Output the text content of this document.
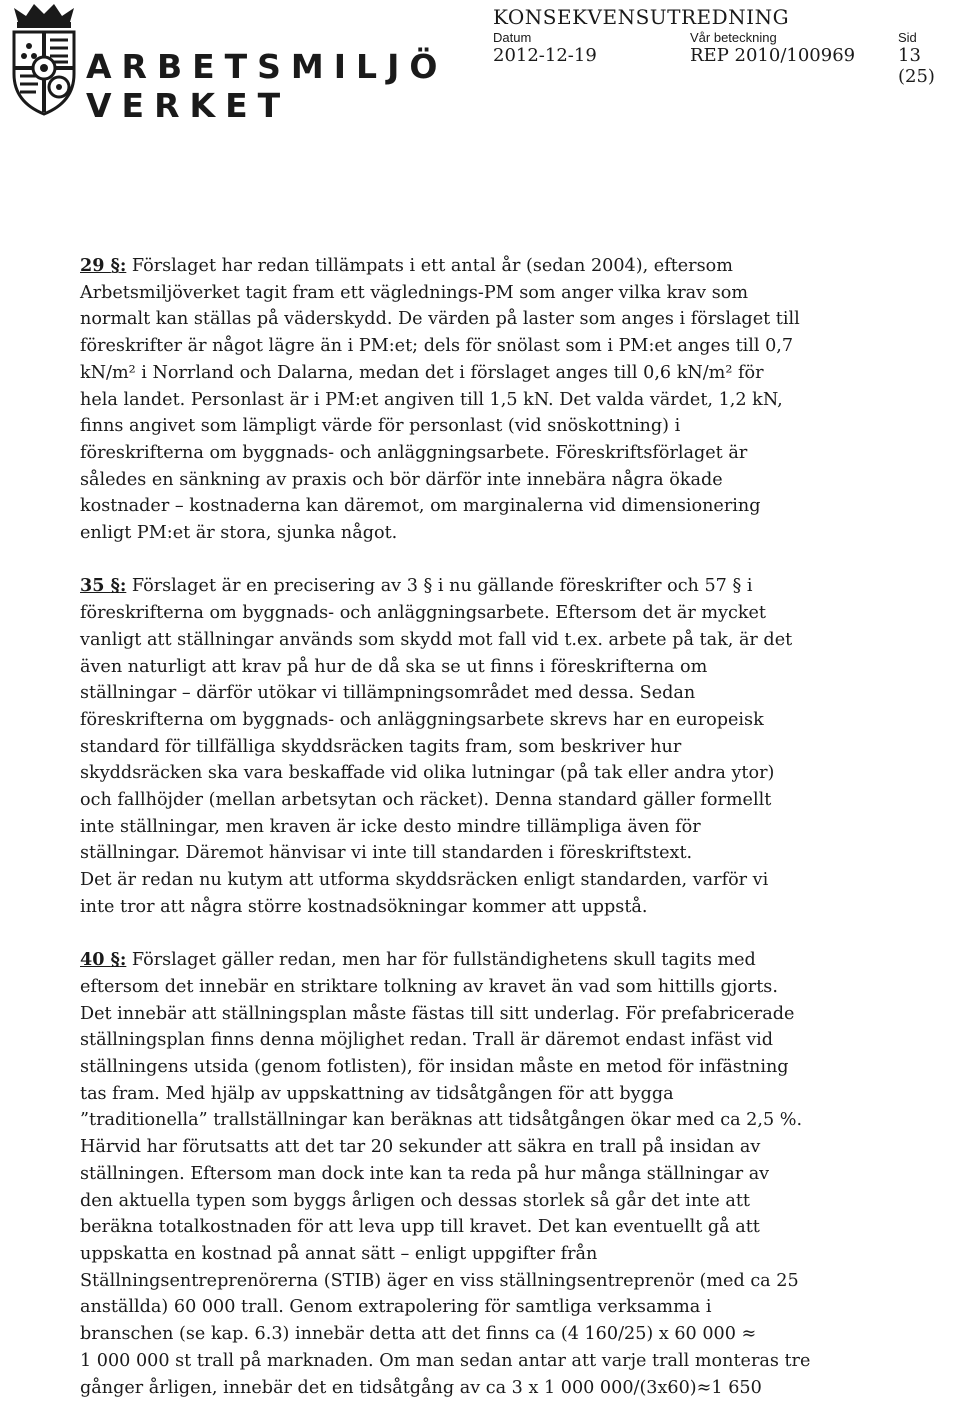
ARBETSMILJÖ
VERKET
KONSEKVENSUTREDNING
Datum
2012-12-19
Vår beteckning
REP 2010/100969
Sid
13 (25)

29 §: Förslaget har redan tillämpats i ett antal år (sedan 2004), eftersom
Arbetsmiljöverket tagit fram ett väglednings-PM som anger vilka krav som
normalt kan ställas på väderskydd. De värden på laster som anges i förslaget till
föreskrifter är något lägre än i PM:et; dels för snölast som i PM:et anges till 0,7
kN/m² i Norrland och Dalarna, medan det i förslaget anges till 0,6 kN/m² för
hela landet. Personlast är i PM:et angiven till 1,5 kN. Det valda värdet, 1,2 kN,
finns angivet som lämpligt värde för personlast (vid snöskottning) i
föreskrifterna om byggnads- och anläggningsarbete. Föreskriftsförlaget är
således en sänkning av praxis och bör därför inte innebära några ökade
kostnader – kostnaderna kan däremot, om marginalerna vid dimensionering
enligt PM:et är stora, sjunka något.

35 §: Förslaget är en precisering av 3 § i nu gällande föreskrifter och 57 § i
föreskrifterna om byggnads- och anläggningsarbete. Eftersom det är mycket
vanligt att ställningar används som skydd mot fall vid t.ex. arbete på tak, är det
även naturligt att krav på hur de då ska se ut finns i föreskrifterna om
ställningar – därför utökar vi tillämpningsområdet med dessa. Sedan
föreskrifterna om byggnads- och anläggningsarbete skrevs har en europeisk
standard för tillfälliga skyddsräcken tagits fram, som beskriver hur
skyddsräcken ska vara beskaffade vid olika lutningar (på tak eller andra ytor)
och fallhöjder (mellan arbetsytan och räcket). Denna standard gäller formellt
inte ställningar, men kraven är icke desto mindre tillämpliga även för
ställningar. Däremot hänvisar vi inte till standarden i föreskriftstext.
Det är redan nu kutym att utforma skyddsräcken enligt standarden, varför vi
inte tror att några större kostnadsökningar kommer att uppstå.

40 §: Förslaget gäller redan, men har för fullständighetens skull tagits med
eftersom det innebär en striktare tolkning av kravet än vad som hittills gjorts.
Det innebär att ställningsplan måste fästas till sitt underlag. För prefabricerade
ställningsplan finns denna möjlighet redan. Trall är däremot endast infäst vid
ställningens utsida (genom fotlisten), för insidan måste en metod för infästning
tas fram. Med hjälp av uppskattning av tidsåtgången för att bygga
”traditionella” trallställningar kan beräknas att tidsåtgången ökar med ca 2,5 %.
Härvid har förutsatts att det tar 20 sekunder att säkra en trall på insidan av
ställningen. Eftersom man dock inte kan ta reda på hur många ställningar av
den aktuella typen som byggs årligen och dessas storlek så går det inte att
beräkna totalkostnaden för att leva upp till kravet. Det kan eventuellt gå att
uppskatta en kostnad på annat sätt – enligt uppgifter från
Ställningsentreprenörerna (STIB) äger en viss ställningsentreprenör (med ca 25
anställda) 60 000 trall. Genom extrapolering för samtliga verksamma i
branschen (se kap. 6.3) innebär detta att det finns ca (4 160/25) x 60 000 ≈
1 000 000 st trall på marknaden. Om man sedan antar att varje trall monteras tre
gånger årligen, innebär det en tidsåtgång av ca 3 x 1 000 000/(3x60)≈1 650
